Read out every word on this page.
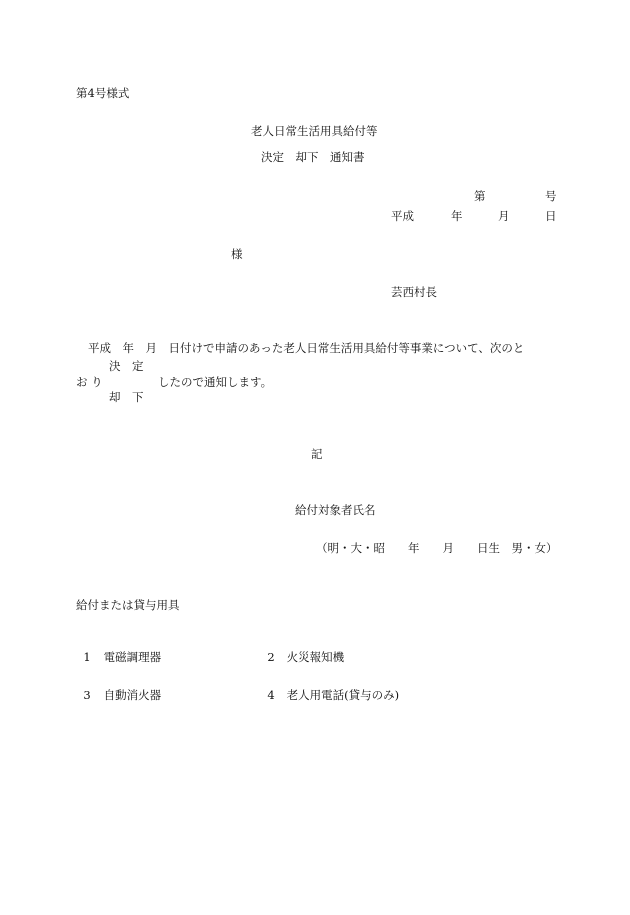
第4号様式
老人日常生活用具給付等
決定　却下　通知書
第	号
平成	年	月	日
様
芸西村長
平成　年　月　日付けで申請のあった老人日常生活用具給付等事業について、次のと
決　定
お り	したので通知します。
却　下
記
給付対象者氏名
（明・大・昭　　年　　月　　日生　男・女）
給付または貸与用具

1 電磁調理器	2 火災報知機

3 自動消火器	4 老人用電話(貸与のみ)
